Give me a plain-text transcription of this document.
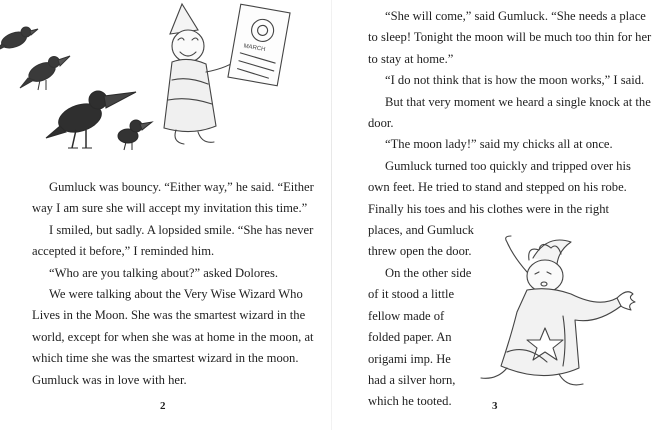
MARCH

Gumluck was bouncy. “Either way,” he said. “Either way I am sure she will accept my invitation this time.”

I smiled, but sadly. A lopsided smile. “She has never accepted it before,” I reminded him.

“Who are you talking about?” asked Dolores.

We were talking about the Very Wise Wizard Who Lives in the Moon. She was the smartest wizard in the world, except for when she was at home in the moon, at which time she was the smartest wizard in the moon. Gumluck was in love with her.

2

“She will come,” said Gumluck. “She needs a place to sleep! Tonight the moon will be much too thin for her to stay at home.”

“I do not think that is how the moon works,” I said.

But that very moment we heard a single knock at the door.

“The moon lady!” said my chicks all at once.

Gumluck turned too quickly and tripped over his own feet. He tried to stand and stepped on his robe. Finally his toes and his clothes were in the right

places, and Gumluck
threw open the door.
On the other side
of it stood a little
fellow made of
folded paper. An
origami imp. He
had a silver horn,
which he tooted.	3
